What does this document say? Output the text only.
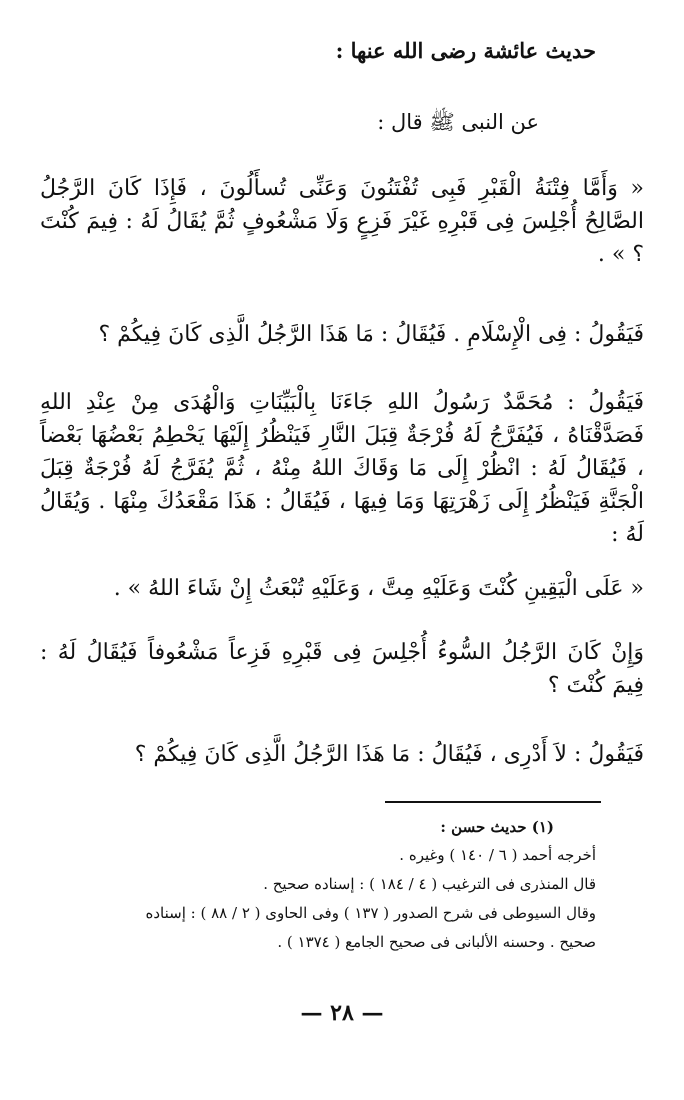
حديث عائشة رضى الله عنها :
عن النبى ﷺ قال :
« وَأَمَّا فِتْنَةُ الْقَبْرِ فَبِى تُفْتَنُونَ وَعَنِّى تُسأَلُونَ ، فَإِذَا كَانَ الرَّجُلُ الصَّالِحُ أُجْلِسَ فِى قَبْرِهِ غَيْرَ فَزِعٍ وَلَا مَشْعُوفٍ ثُمَّ يُقَالُ لَهُ : فِيمَ كُنْتَ ؟ » .
فَيَقُولُ : فِى الْإِسْلَامِ . فَيُقَالُ : مَا هَذَا الرَّجُلُ الَّذِى كَانَ فِيكُمْ ؟
فَيَقُولُ : مُحَمَّدٌ رَسُولُ اللهِ جَاءَنَا بِالْبَيِّنَاتِ وَالْهُدَى مِنْ عِنْدِ اللهِ فَصَدَّقْنَاهُ ، فَيُفَرَّجُ لَهُ فُرْجَةٌ قِبَلَ النَّارِ فَيَنْظُرُ إِلَيْهَا يَحْطِمُ بَعْضُهَا بَعْضاً ، فَيُقَالُ لَهُ : انْظُرْ إِلَى مَا وَقَاكَ اللهُ مِنْهُ ، ثُمَّ يُفَرَّجُ لَهُ فُرْجَةٌ قِبَلَ الْجَنَّةِ فَيَنْظُرُ إِلَى زَهْرَتِهَا وَمَا فِيهَا ، فَيُقَالُ : هَذَا مَقْعَدُكَ مِنْهَا . وَيُقَالُ لَهُ :
« عَلَى الْيَقِينِ كُنْتَ وَعَلَيْهِ مِتَّ ، وَعَلَيْهِ تُبْعَثُ إِنْ شَاءَ اللهُ » .
وَإِنْ كَانَ الرَّجُلُ السُّوءُ أُجْلِسَ فِى قَبْرِهِ فَزِعاً مَشْعُوفاً فَيُقَالُ لَهُ : فِيمَ كُنْتَ ؟
فَيَقُولُ : لاَ أَدْرِى ، فَيُقَالُ : مَا هَذَا الرَّجُلُ الَّذِى كَانَ فِيكُمْ ؟
(١) حديث حسن :
أخرجه أحمد ( ٦ / ١٤٠ ) وغيره .
قال المنذرى فى الترغيب ( ٤ / ١٨٤ ) : إسناده صحيح .
وقال السيوطى فى شرح الصدور ( ١٣٧ ) وفى الحاوى ( ٢ / ٨٨ ) : إسناده
صحيح . وحسنه الألبانى فى صحيح الجامع ( ١٣٧٤ ) .
— ٢٨ —
